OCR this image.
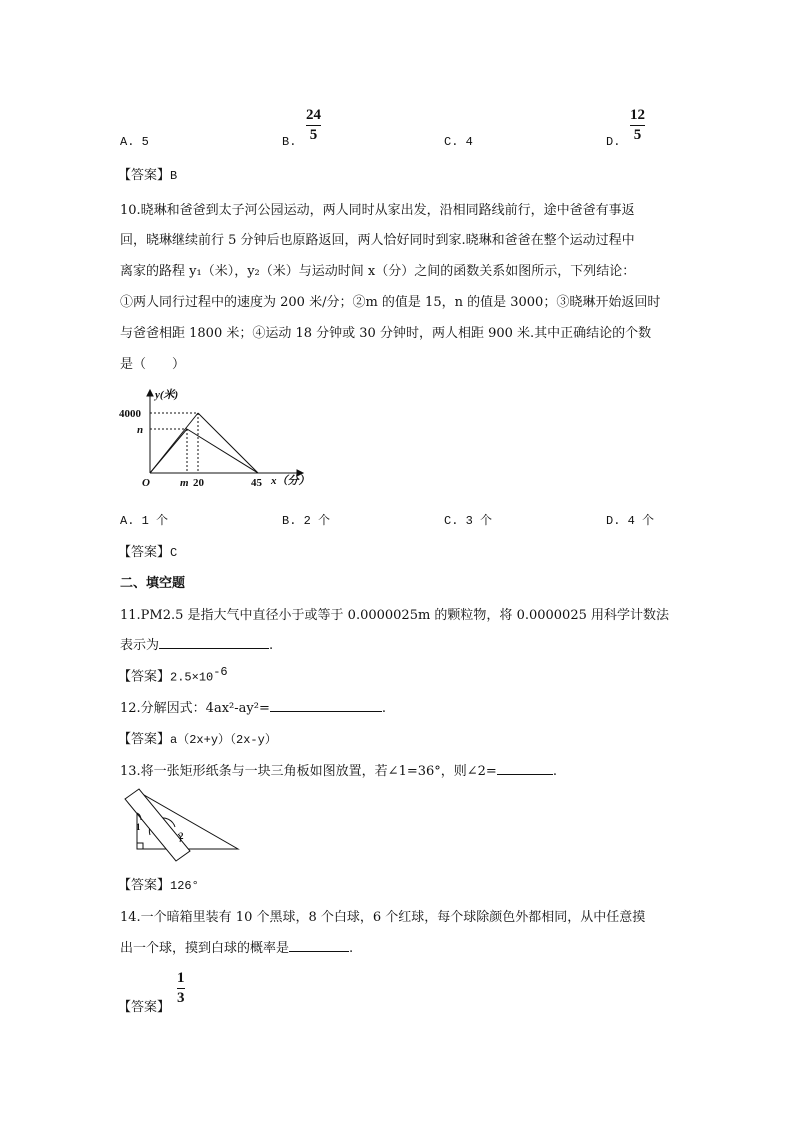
A. 5	B.
24
5	C. 4	D.
12
5
【答案】B
10.晓琳和爸爸到太子河公园运动，两人同时从家出发，沿相同路线前行，途中爸爸有事返
回，晓琳继续前行 5 分钟后也原路返回，两人恰好同时到家.晓琳和爸爸在整个运动过程中
离家的路程 y₁（米），y₂（米）与运动时间 x（分）之间的函数关系如图所示，下列结论：
①两人同行过程中的速度为 200 米/分；②m 的值是 15，n 的值是 3000；③晓琳开始返回时
与爸爸相距 1800 米；④运动 18 分钟或 30 分钟时，两人相距 900 米.其中正确结论的个数
是（　　）
y(米)
4000
n
O	m 20	45 x（分）
A. 1 个	B. 2 个	C. 3 个	D. 4 个
【答案】C
二、填空题
11.PM2.5 是指大气中直径小于或等于 0.0000025m 的颗粒物，将 0.0000025 用科学计数法
表示为	.
【答案】$2.5\times 10^{-6}$
12.分解因式：4ax²-ay²=	.
【答案】a（2x+y）（2x-y）
13.将一张矩形纸条与一块三角板如图放置，若∠1=36°，则∠2=	.
1
2
【答案】126°
14.一个暗箱里装有 10 个黑球，8 个白球，6 个红球，每个球除颜色外都相同，从中任意摸
出一个球，摸到白球的概率是	.
【答案】
1
3
